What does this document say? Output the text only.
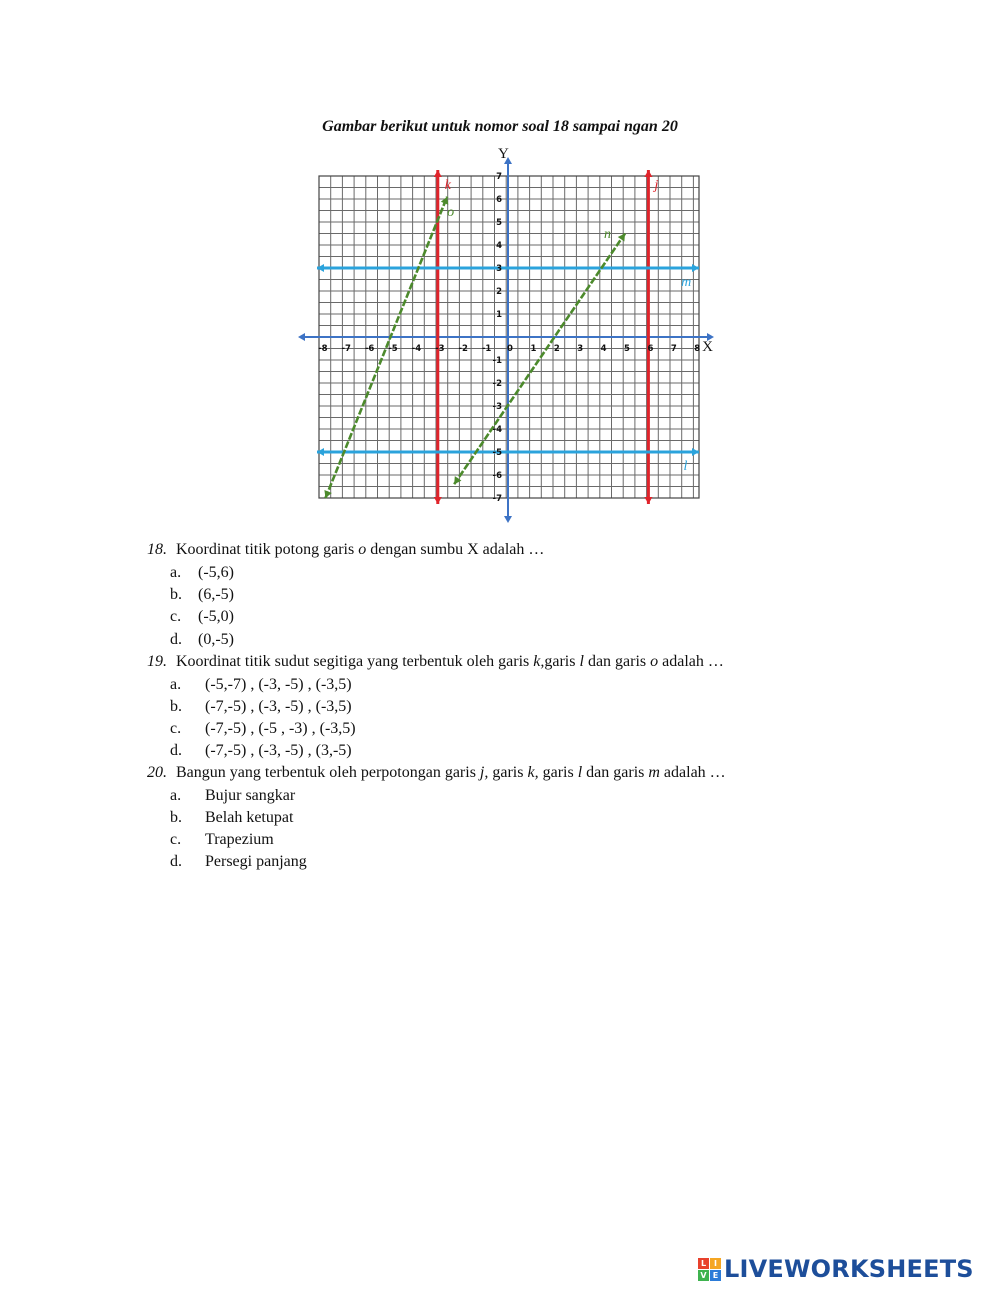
Gambar berikut untuk nomor soal 18 sampai ngan 20
X
Y
-8 -7 -6 -5 -4 -3 -2 -1 0 1 2 3 4 5 6 7 8
-7
-6
-5
-4
-3
-2
-1
1
2
3
4
5
6
7
k	j
m
l
o
n
18. Koordinat titik potong garis o dengan sumbu X adalah …
a. (-5,6)
b. (6,-5)
c. (-5,0)
d. (0,-5)
19. Koordinat titik sudut segitiga yang terbentuk oleh garis k,garis l dan garis o adalah …
a. (-5,-7) , (-3, -5) , (-3,5)
b. (-7,-5) , (-3, -5) , (-3,5)
c. (-7,-5) , (-5 , -3) , (-3,5)
d. (-7,-5) , (-3, -5) , (3,-5)
20. Bangun yang terbentuk oleh perpotongan garis j, garis k, garis l dan garis m adalah …
a. Bujur sangkar
b. Belah ketupat
c. Trapezium
d. Persegi panjang
L I
V E LIVEWORKSHEETS
